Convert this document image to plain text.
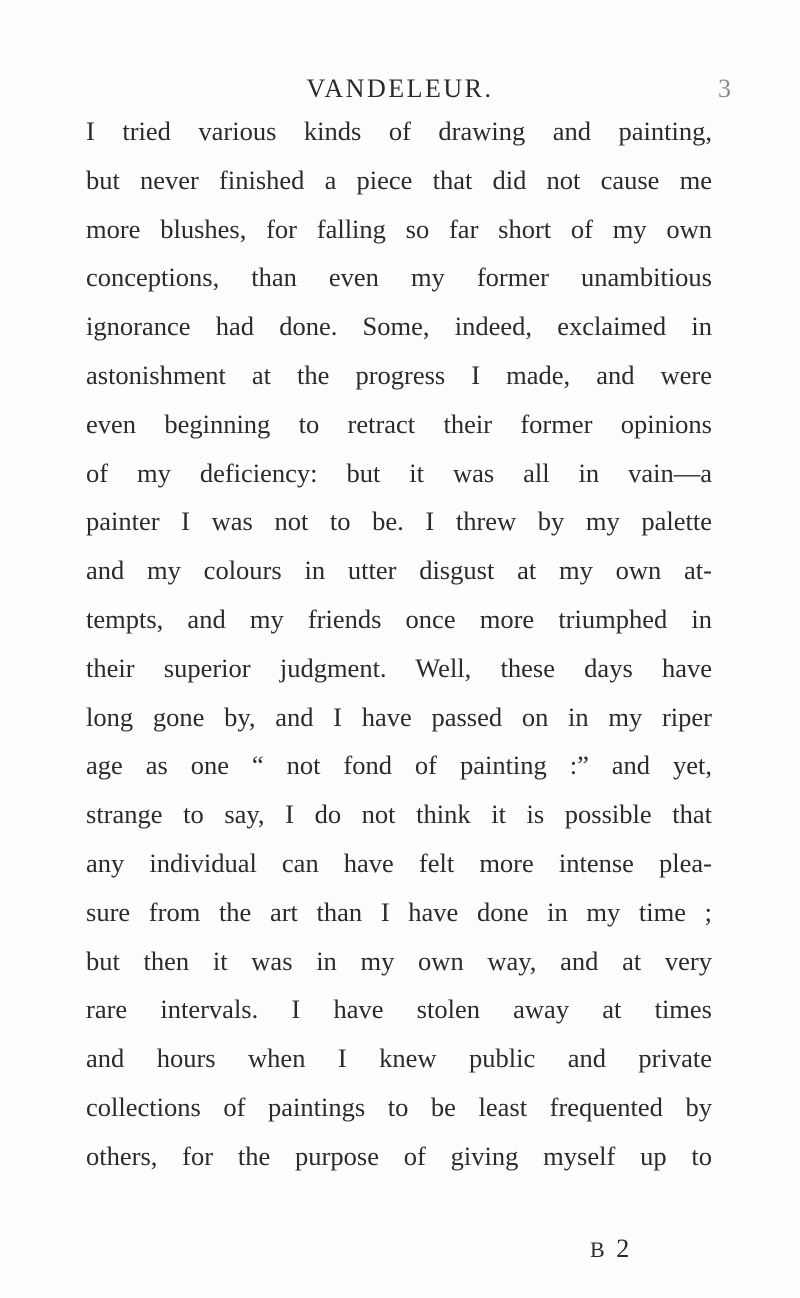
VANDELEUR.	3
I tried various kinds of drawing and painting,
but never finished a piece that did not cause me
more blushes, for falling so far short of my own
conceptions, than even my former unambitious
ignorance had done. Some, indeed, exclaimed in
astonishment at the progress I made, and were
even beginning to retract their former opinions
of my deficiency: but it was all in vain—a
painter I was not to be. I threw by my palette
and my colours in utter disgust at my own at-
tempts, and my friends once more triumphed in
their superior judgment. Well, these days have
long gone by, and I have passed on in my riper
age as one “ not fond of painting :” and yet,
strange to say, I do not think it is possible that
any individual can have felt more intense plea-
sure from the art than I have done in my time ;
but then it was in my own way, and at very
rare intervals. I have stolen away at times
and hours when I knew public and private
collections of paintings to be least frequented by
others, for the purpose of giving myself up to
B 2
